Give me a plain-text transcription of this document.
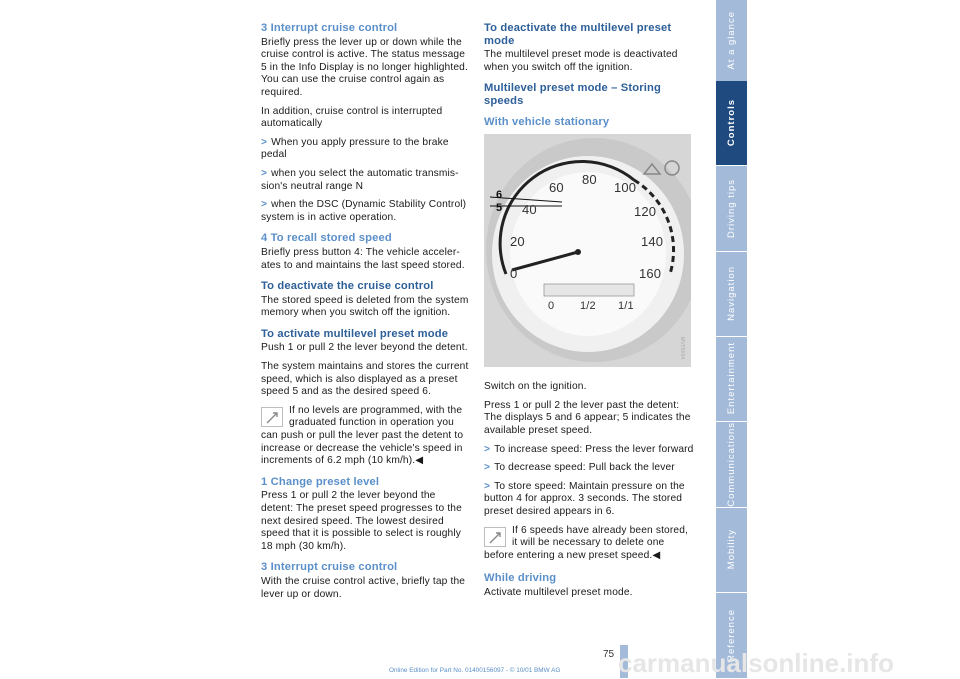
3 Interrupt cruise control

Briefly press the lever up or down while the cruise control is active. The status message 5 in the Info Display is no longer highlighted. You can use the cruise control again as required.

In addition, cruise control is interrupted automatically

> When you apply pressure to the brake pedal
> when you select the automatic transmis-sion's neutral range N
> when the DSC (Dynamic Stability Control) system is in active operation.
4 To recall stored speed

Briefly press button 4: The vehicle acceler-ates to and maintains the last speed stored.

To deactivate the cruise control

The stored speed is deleted from the system memory when you switch off the ignition.

To activate multilevel preset mode

Push 1 or pull 2 the lever beyond the detent.

The system maintains and stores the current speed, which is also displayed as a preset speed 5 and as the desired speed 6.

If no levels are programmed, with the graduated function in operation you can push or pull the lever past the detent to increase or decrease the vehicle's speed in increments of 6.2 mph (10 km/h).◀
1 Change preset level

Press 1 or pull 2 the lever beyond the detent: The preset speed progresses to the next desired speed. The lowest desired speed that it is possible to select is roughly 18 mph (30 km/h).

3 Interrupt cruise control

With the cruise control active, briefly tap the lever up or down.

To deactivate the multilevel preset mode

The multilevel preset mode is deactivated when you switch off the ignition.

Multilevel preset mode – Storing speeds
With vehicle stationary
0
20
40
60
80
100
120
140
160
0 1/2 1/1
6
5
MV05004

Switch on the ignition.

Press 1 or pull 2 the lever past the detent: The displays 5 and 6 appear; 5 indicates the available preset speed.

> To increase speed: Press the lever forward
> To decrease speed: Pull back the lever
> To store speed: Maintain pressure on the button 4 for approx. 3 seconds. The stored preset desired appears in 6.
If 6 speeds have already been stored, it will be necessary to delete one before entering a new preset speed.◀
While driving

Activate multilevel preset mode.

At a glance
Controls
Driving tips
Navigation
Entertainment
Communications
Mobility
Reference
75 carmanualsonline.info
Online Edition for Part No. 01400156097 - © 10/01 BMW AG
